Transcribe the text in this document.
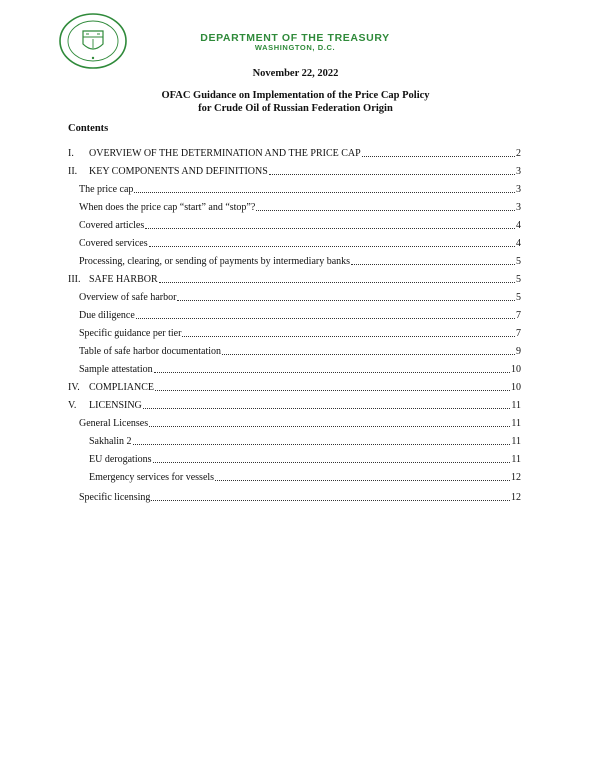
DEPARTMENT OF THE TREASURY
WASHINGTON, D.C.
November 22, 2022
OFAC Guidance on Implementation of the Price Cap Policy
for Crude Oil of Russian Federation Origin
Contents
I.	OVERVIEW OF THE DETERMINATION AND THE PRICE CAP	2
II.	KEY COMPONENTS AND DEFINITIONS	3
The price cap	3
When does the price cap “start” and “stop”?	3
Covered articles	4
Covered services	4
Processing, clearing, or sending of payments by intermediary banks	5
III. SAFE HARBOR	5
Overview of safe harbor	5
Due diligence	7
Specific guidance per tier	7
Table of safe harbor documentation	9
Sample attestation	10
IV. COMPLIANCE	10
V.	LICENSING	11
General Licenses	11
Sakhalin 2	11
EU derogations	11
Emergency services for vessels	12
Specific licensing	12
